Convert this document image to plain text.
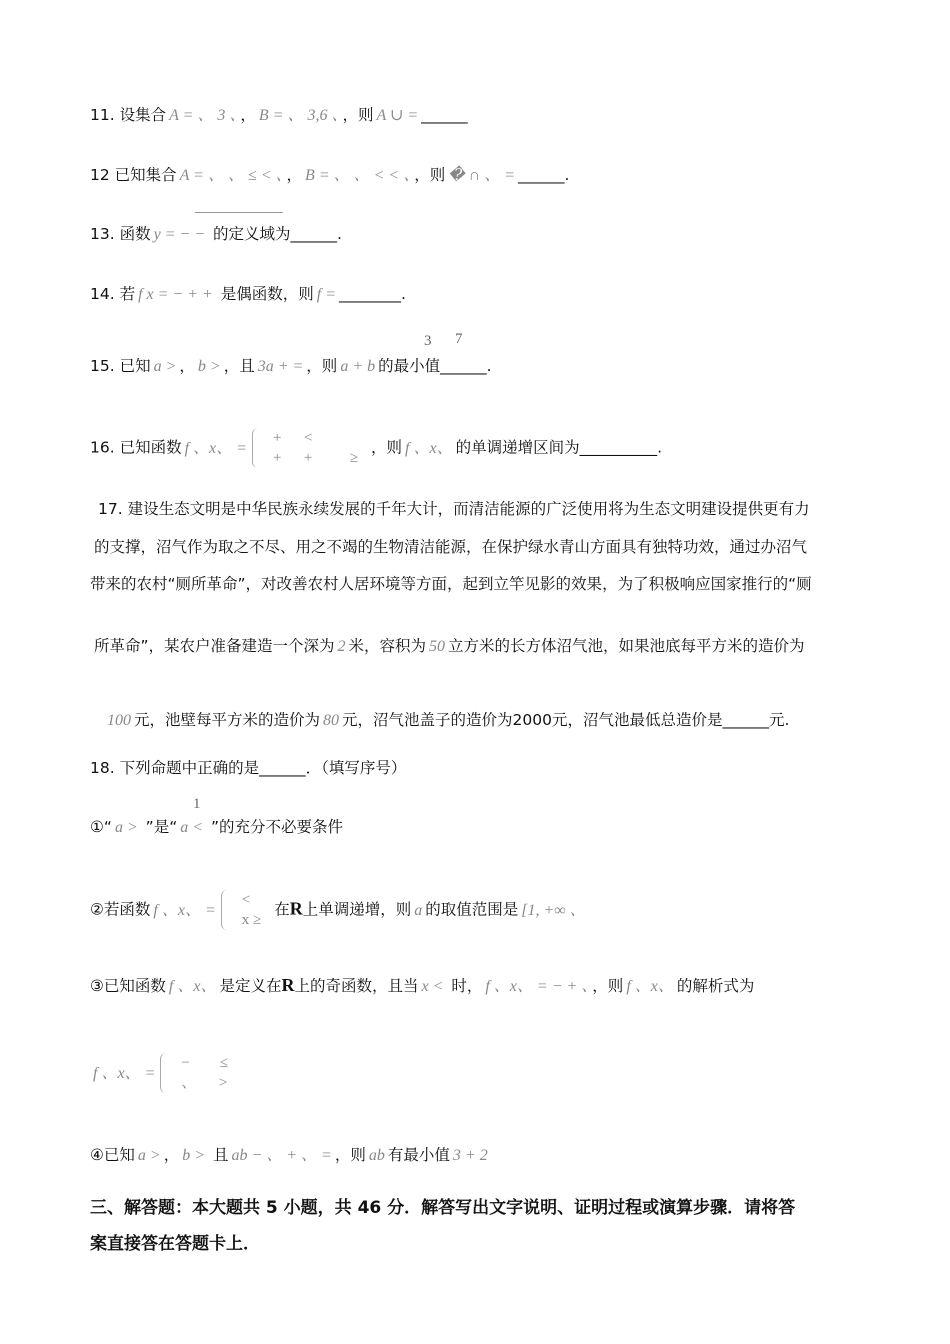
11. 设集合 A = 、 3 、 ， B = 、 3,6 、 ，则 A ∪ = ______
12 已知集合 A = 、 、 ≤ < 、 ， B = 、 、 < < 、 ，则 � ∩ 、 = ______.
13. 函数 y = − − 的定义域为______.
14. 若 f x = − + + 是偶函数，则 f = ________.
3 7
15. 已知 a > ， b > ，且 3a + = ，则 a + b 的最小值______.
16. 已知函数 f 、x、 =
+      <
+      +          ≥
，则 f 、x、 的单调递增区间为__________.
17. 建设生态文明是中华民族永续发展的千年大计，而清洁能源的广泛使用将为生态文明建设提供更有力
的支撑，沼气作为取之不尽、用之不竭的生物清洁能源，在保护绿水青山方面具有独特功效，通过办沼气
带来的农村“厕所革命”，对改善农村人居环境等方面，起到立竿见影的效果，为了积极响应国家推行的“厕
所革命”，某农户准备建造一个深为 2 米，容积为 50 立方米的长方体沼气池，如果池底每平方米的造价为
100 元，池壁每平方米的造价为 80 元，沼气池盖子的造价为2000元，沼气池最低总造价是______元.
18. 下列命题中正确的是______．（填写序号）
1
①“ a > ”是“ a < ”的充分不必要条件
②若函数 f 、x、 =
<
x ≥
在R上单调递增，则 a 的取值范围是 [1, +∞ 、
③已知函数 f 、x、 是定义在R上的奇函数，且当 x < 时， f 、x、 = − + 、 ，则 f 、x、 的解析式为
f 、x、 =
−        ≤
、      >
④已知 a > ， b > 且 ab − 、 + 、 = ，则 ab 有最小值 3 + 2
三、解答题：本大题共 5 小题，共 46 分．解答写出文字说明、证明过程或演算步骤．请将答
案直接答在答题卡上．
